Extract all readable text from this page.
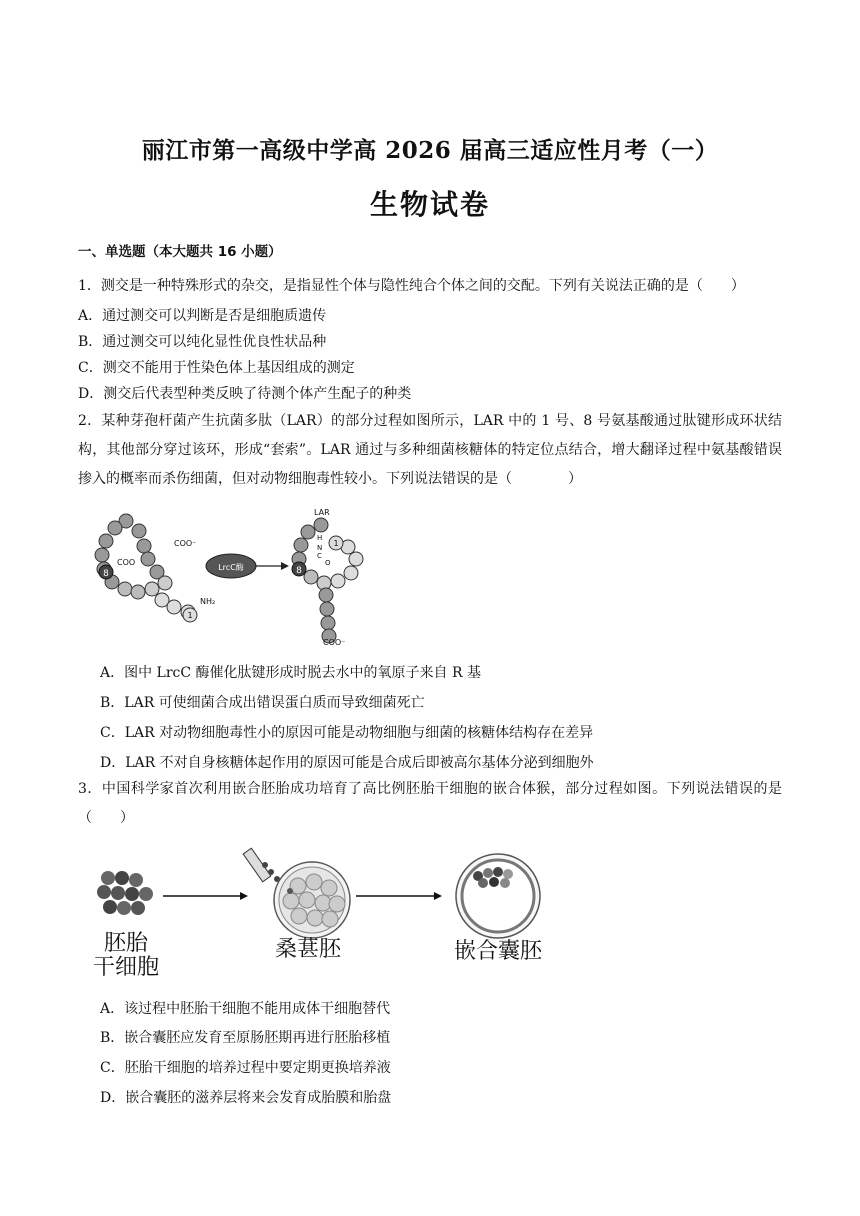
丽江市第一高级中学高 2026 届高三适应性月考（一）
生物试卷
一、单选题（本大题共 16 小题）
1．测交是一种特殊形式的杂交，是指显性个体与隐性纯合个体之间的交配。下列有关说法正确的是（　　）
A．通过测交可以判断是否是细胞质遗传
B．通过测交可以纯化显性优良性状品种
C．测交不能用于性染色体上基因组成的测定
D．测交后代表型种类反映了待测个体产生配子的种类
2．某种芽孢杆菌产生抗菌多肽（LAR）的部分过程如图所示，LAR 中的 1 号、8 号氨基酸通过肽键形成环状结构，其他部分穿过该环，形成“套索”。LAR 通过与多种细菌核糖体的特定位点结合，增大翻译过程中氨基酸错误掺入的概率而杀伤细菌，但对动物细胞毒性较小。下列说法错误的是（　　　　）
8
1
COO⁻
COO
NH₂
LrcC酶
LAR
8
1
H
N
C
O
COO⁻
A．图中 LrcC 酶催化肽键形成时脱去水中的氧原子来自 R 基
B．LAR 可使细菌合成出错误蛋白质而导致细菌死亡
C．LAR 对动物细胞毒性小的原因可能是动物细胞与细菌的核糖体结构存在差异
D．LAR 不对自身核糖体起作用的原因可能是合成后即被高尔基体分泌到细胞外
3．中国科学家首次利用嵌合胚胎成功培育了高比例胚胎干细胞的嵌合体猴，部分过程如图。下列说法错误的是（　　）
胚胎
干细胞
桑葚胚	嵌合囊胚
A．该过程中胚胎干细胞不能用成体干细胞替代
B．嵌合囊胚应发育至原肠胚期再进行胚胎移植
C．胚胎干细胞的培养过程中要定期更换培养液
D．嵌合囊胚的滋养层将来会发育成胎膜和胎盘
